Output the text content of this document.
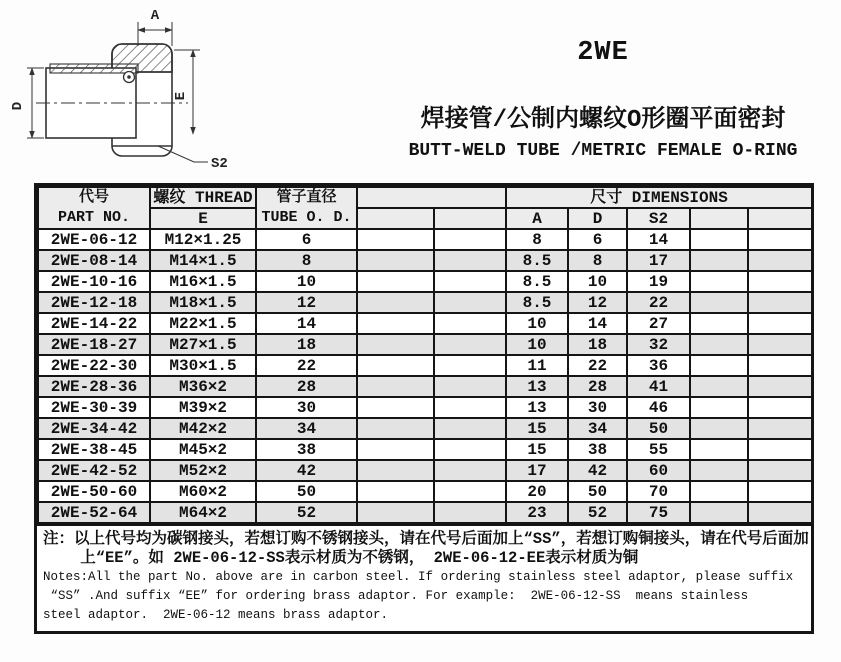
A
D
E
S2
2WE
焊接管/公制内螺纹O形圈平面密封
BUTT-WELD TUBE /METRIC FEMALE O-RING
代号
PART NO.
	螺纹 THREAD	管子直径
TUBE O. D.
		尺寸 DIMENSIONS
	E				A	D	S2		
2WE-06-12	M12×1.25	6			8	6	14		
2WE-08-14	M14×1.5	8			8.5	8	17		
2WE-10-16	M16×1.5	10			8.5	10	19		
2WE-12-18	M18×1.5	12			8.5	12	22		
2WE-14-22	M22×1.5	14			10	14	27		
2WE-18-27	M27×1.5	18			10	18	32		
2WE-22-30	M30×1.5	22			11	22	36		
2WE-28-36	M36×2	28			13	28	41		
2WE-30-39	M39×2	30			13	30	46		
2WE-34-42	M42×2	34			15	34	50		
2WE-38-45	M45×2	38			15	38	55		
2WE-42-52	M52×2	42			17	42	60		
2WE-50-60	M60×2	50			20	50	70		
2WE-52-64	M64×2	52			23	52	75		
注：以上代号均为碳钢接头，若想订购不锈钢接头，请在代号后面加上“SS”，若想订购铜接头，请在代号后面加
上“EE”。如 2WE-06-12-SS表示材质为不锈钢， 2WE-06-12-EE表示材质为铜
Notes:All the part No. above are in carbon steel. If ordering stainless steel adaptor, please suffix
“SS” .And suffix “EE” for ordering brass adaptor. For example:  2WE-06-12-SS  means stainless
steel adaptor.  2WE-06-12 means brass adaptor.
